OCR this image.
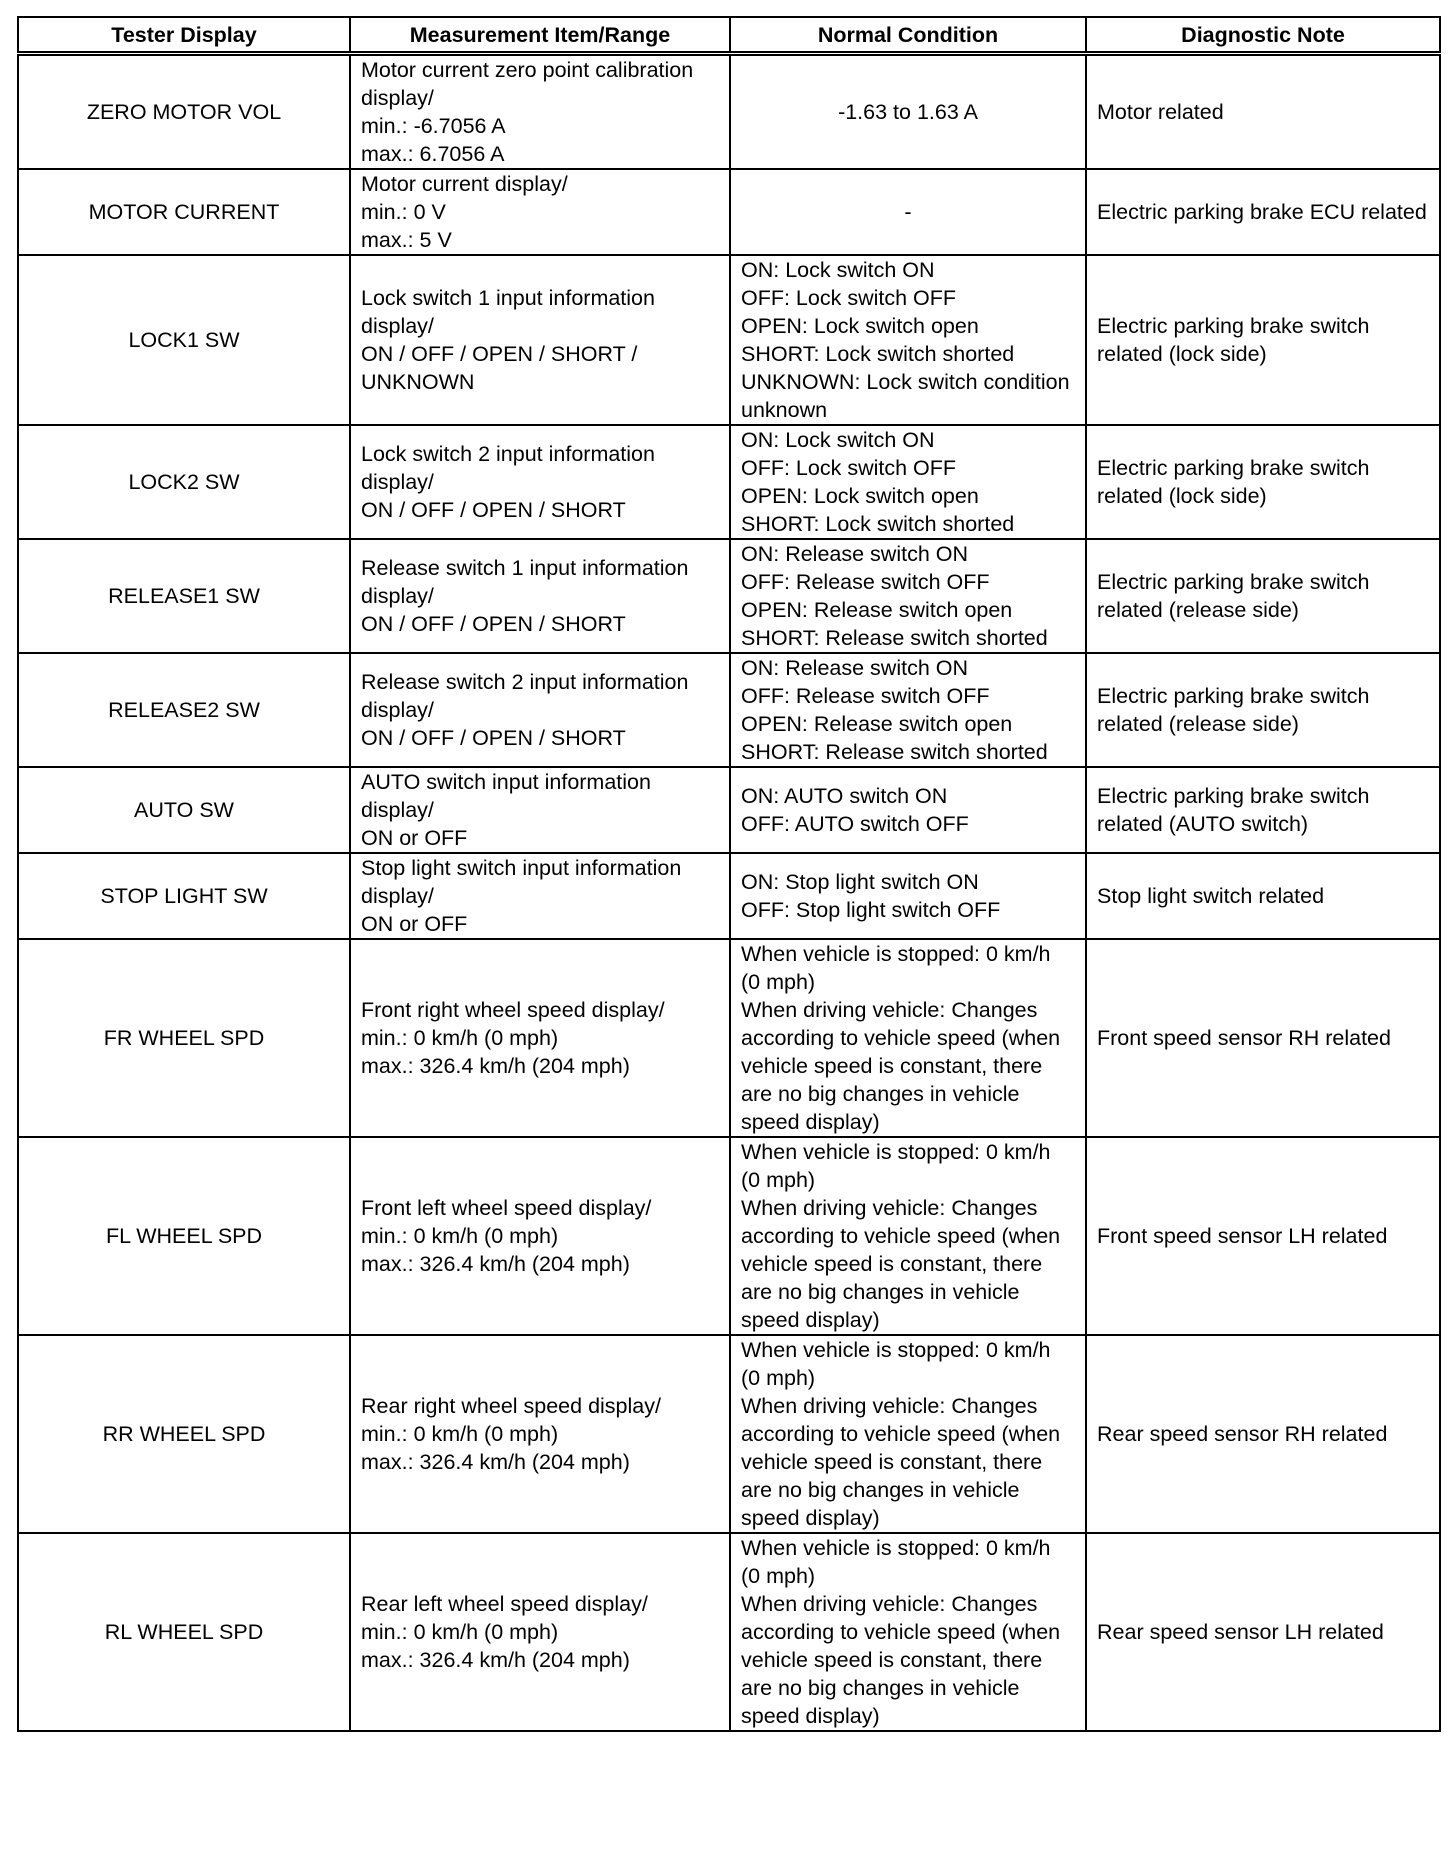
Tester Display	Measurement Item/Range	Normal Condition	Diagnostic Note
ZERO MOTOR VOL	Motor current zero point calibration display/
min.: -6.7056 A
max.: 6.7056 A	-1.63 to 1.63 A	Motor related
MOTOR CURRENT	Motor current display/
min.: 0 V
max.: 5 V	-	Electric parking brake ECU related
LOCK1 SW	Lock switch 1 input information display/
ON / OFF / OPEN / SHORT / UNKNOWN	ON: Lock switch ON
OFF: Lock switch OFF
OPEN: Lock switch open
SHORT: Lock switch shorted
UNKNOWN: Lock switch condition unknown	Electric parking brake switch related (lock side)
LOCK2 SW	Lock switch 2 input information display/
ON / OFF / OPEN / SHORT	ON: Lock switch ON
OFF: Lock switch OFF
OPEN: Lock switch open
SHORT: Lock switch shorted	Electric parking brake switch related (lock side)
RELEASE1 SW	Release switch 1 input information display/
ON / OFF / OPEN / SHORT	ON: Release switch ON
OFF: Release switch OFF
OPEN: Release switch open
SHORT: Release switch shorted	Electric parking brake switch related (release side)
RELEASE2 SW	Release switch 2 input information display/
ON / OFF / OPEN / SHORT	ON: Release switch ON
OFF: Release switch OFF
OPEN: Release switch open
SHORT: Release switch shorted	Electric parking brake switch related (release side)
AUTO SW	AUTO switch input information display/
ON or OFF	ON: AUTO switch ON
OFF: AUTO switch OFF	Electric parking brake switch related (AUTO switch)
STOP LIGHT SW	Stop light switch input information display/
ON or OFF	ON: Stop light switch ON
OFF: Stop light switch OFF	Stop light switch related
FR WHEEL SPD	Front right wheel speed display/
min.: 0 km/h (0 mph)
max.: 326.4 km/h (204 mph)	When vehicle is stopped: 0 km/h (0 mph)
When driving vehicle: Changes according to vehicle speed (when vehicle speed is constant, there are no big changes in vehicle speed display)	Front speed sensor RH related
FL WHEEL SPD	Front left wheel speed display/
min.: 0 km/h (0 mph)
max.: 326.4 km/h (204 mph)	When vehicle is stopped: 0 km/h (0 mph)
When driving vehicle: Changes according to vehicle speed (when vehicle speed is constant, there are no big changes in vehicle speed display)	Front speed sensor LH related
RR WHEEL SPD	Rear right wheel speed display/
min.: 0 km/h (0 mph)
max.: 326.4 km/h (204 mph)	When vehicle is stopped: 0 km/h (0 mph)
When driving vehicle: Changes according to vehicle speed (when vehicle speed is constant, there are no big changes in vehicle speed display)	Rear speed sensor RH related
RL WHEEL SPD	Rear left wheel speed display/
min.: 0 km/h (0 mph)
max.: 326.4 km/h (204 mph)	When vehicle is stopped: 0 km/h (0 mph)
When driving vehicle: Changes according to vehicle speed (when vehicle speed is constant, there are no big changes in vehicle speed display)	Rear speed sensor LH related
